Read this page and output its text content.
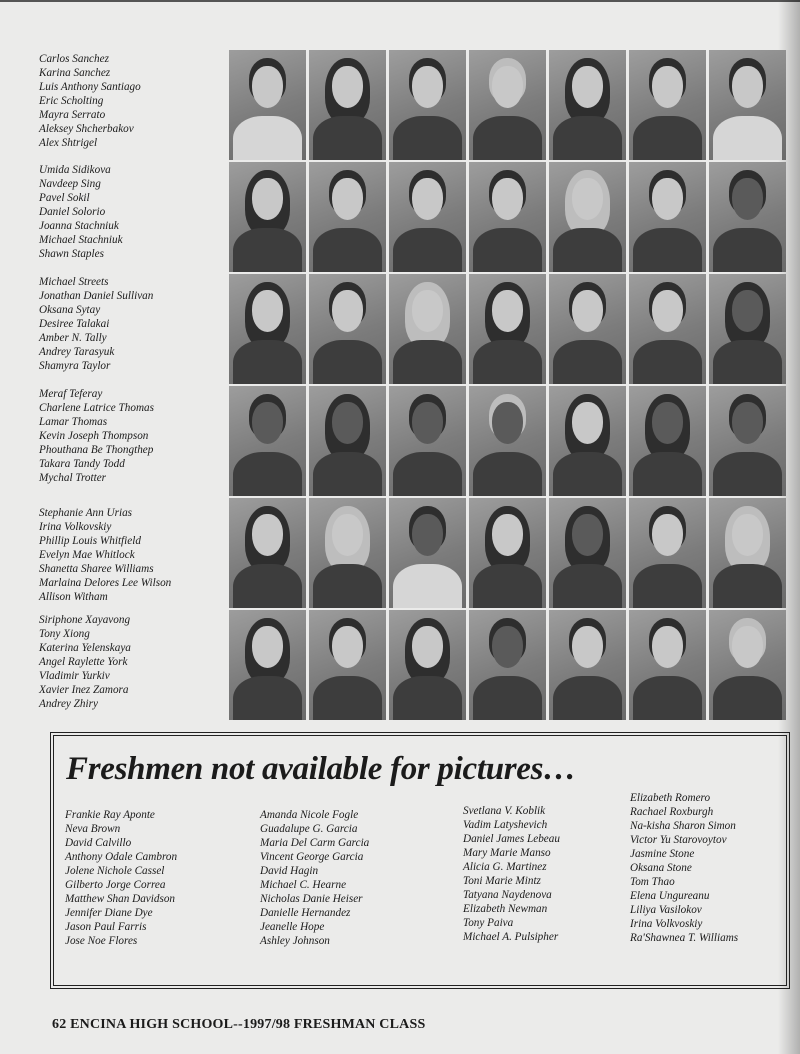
Carlos Sanchez
Karina Sanchez
Luis Anthony Santiago
Eric Scholting
Mayra Serrato
Aleksey Shcherbakov
Alex Shtrigel
Umida Sidikova
Navdeep Sing
Pavel Sokil
Daniel Solorio
Joanna Stachniuk
Michael Stachniuk
Shawn Staples
Michael Streets
Jonathan Daniel Sullivan
Oksana Sytay
Desiree Talakai
Amber N. Tally
Andrey Tarasyuk
Shamyra Taylor
Meraf Teferay
Charlene Latrice Thomas
Lamar Thomas
Kevin Joseph Thompson
Phouthana Be Thongthep
Takara Tandy Todd
Mychal Trotter
Stephanie Ann Urias
Irina Volkovskiy
Phillip Louis Whitfield
Evelyn Mae Whitlock
Shanetta Sharee Williams
Marlaina Delores Lee Wilson
Allison Witham
Siriphone Xayavong
Tony Xiong
Katerina Yelenskaya
Angel Raylette York
Vladimir Yurkiv
Xavier Inez Zamora
Andrey Zhiry
Freshmen not available for pictures…
Frankie Ray Aponte
Neva Brown
David Calvillo
Anthony Odale Cambron
Jolene Nichole Cassel
Gilberto Jorge Correa
Matthew Shan Davidson
Jennifer Diane Dye
Jason Paul Farris
Jose Noe Flores
Amanda Nicole Fogle
Guadalupe G. Garcia
Maria Del Carm Garcia
Vincent George Garcia
David Hagin
Michael C. Hearne
Nicholas Danie Heiser
Danielle Hernandez
Jeanelle Hope
Ashley Johnson
Svetlana V. Koblik
Vadim Latyshevich
Daniel James Lebeau
Mary Marie Manso
Alicia G. Martinez
Toni Marie Mintz
Tatyana Naydenova
Elizabeth Newman
Tony Paiva
Michael A. Pulsipher
Elizabeth Romero
Rachael Roxburgh
Na-kisha Sharon Simon
Victor Yu Starovoytov
Jasmine Stone
Oksana Stone
Tom Thao
Elena Ungureanu
Liliya Vasilokov
Irina Volkvoskiy
Ra'Shawnea T. Williams

62 ENCINA HIGH SCHOOL--1997/98 FRESHMAN CLASS
